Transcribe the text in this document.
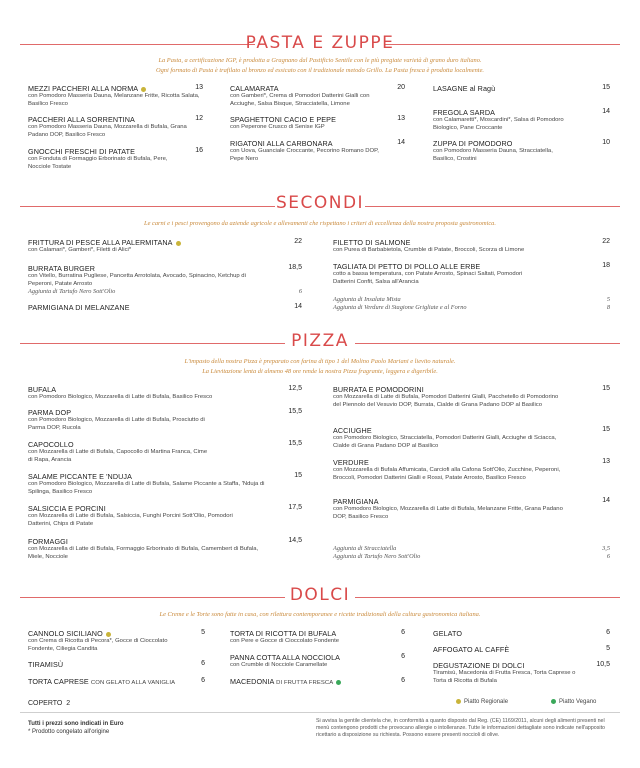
PASTA E ZUPPE
La Pasta, a certificazione IGP, è prodotta a Gragnano dal Pastificio Sentile con le più pregiate varietà di grano duro italiano.
Ogni formato di Pasta è trafilato al bronzo ed essicato con il tradizionale metodo Grillo. La Pasta fresca è prodotta localmente.
MEZZI PACCHERI ALLA NORMA
con Pomodoro Masseria Dauna, Melanzane Fritte, Ricotta Salata, Basilico Fresco
13
PACCHERI ALLA SORRENTINA
con Pomodoro Masseria Dauna, Mozzarella di Bufala, Grana Padano DOP, Basilico Fresco
12
GNOCCHI FRESCHI DI PATATE
con Fonduta di Formaggio Erborinato di Bufala, Pere, Nocciole Tostate
16
CALAMARATA
con Gamberi*, Crema di Pomodori Datterini Gialli con Acciughe, Salsa Bisque, Stracciatella, Limone
20
SPAGHETTONI CACIO E PEPE
con Peperone Crusco di Senise IGP
13
RIGATONI ALLA CARBONARA
con Uova, Guanciale Croccante, Pecorino Romano DOP, Pepe Nero
14
LASAGNE al Ragù	15
FREGOLA SARDA
con Calamaretti*, Moscardini*, Salsa di Pomodoro Biologico, Pane Croccante
14
ZUPPA DI POMODORO
con Pomodoro Masseria Dauna, Stracciatella, Basilico, Crostini
10
SECONDI
Le carni e i pesci provengono da aziende agricole e allevamenti che rispettano i criteri di eccellenza della nostra proposta gastronomica.
FRITTURA DI PESCE ALLA PALERMITANA
con Calamari*, Gamberi*, Filetti di Alici*
22
BURRATA BURGER
con Vitello, Burratina Pugliese, Pancetta Arrotolata, Avocado, Spinacino, Ketchup di Peperoni, Patate Arrosto
18,5
Aggiunta di Tartufo Nero Sott'Olio	6
PARMIGIANA DI MELANZANE	14
FILETTO DI SALMONE
con Purea di Barbabietola, Crumble di Patate, Broccoli, Scorza di Limone
22
TAGLIATA DI PETTO DI POLLO ALLE ERBE
cotto a bassa temperatura, con Patate Arrosto, Spinaci Saltati, Pomodori Datterini Confit, Salsa all'Arancia
18
Aggiunta di Insalata Mista	5
Aggiunta di Verdure di Stagione Grigliate e al Forno	8
PIZZA
L'impasto della nostra Pizza è preparato con farina di tipo 1 del Molino Paolo Mariani e lievito naturale.
La Lievitazione lenta di almeno 48 ore rende la nostra Pizza fragrante, leggera e digeribile.
BUFALA
con Pomodoro Biologico, Mozzarella di Latte di Bufala, Basilico Fresco
12,5
PARMA DOP
con Pomodoro Biologico, Mozzarella di Latte di Bufala, Prosciutto di Parma DOP, Rucola
15,5
CAPOCOLLO
con Mozzarella di Latte di Bufala, Capocollo di Martina Franca, Cime di Rapa, Arancia
15,5
SALAME PICCANTE E 'NDUJA
con Pomodoro Biologico, Mozzarella di Latte di Bufala, Salame Piccante a Staffa, 'Nduja di Spilinga, Basilico Fresco
15
SALSICCIA E PORCINI
con Mozzarella di Latte di Bufala, Salsiccia, Funghi Porcini Sott'Olio, Pomodori Datterini, Chips di Patate
17,5
FORMAGGI
con Mozzarella di Latte di Bufala, Formaggio Erborinato di Bufala, Camembert di Bufala, Miele, Nocciole
14,5
BURRATA E POMODORINI
con Mozzarella di Latte di Bufala, Pomodori Datterini Gialli, Pacchetello di Pomodorino del Piennolo del Vesuvio DOP, Burrata, Cialde di Grana Padano DOP al Basilico
15
ACCIUGHE
con Pomodoro Biologico, Stracciatella, Pomodori Datterini Gialli, Acciughe di Sciacca, Cialde di Grana Padano DOP al Basilico
15
VERDURE
con Mozzarella di Bufala Affumicata, Carciofi alla Cafona Sott'Olio, Zucchine, Peperoni, Broccoli, Pomodori Datterini Gialli e Rossi, Patate Arrosto, Basilico Fresco
13
PARMIGIANA
con Pomodoro Biologico, Mozzarella di Latte di Bufala, Melanzane Fritte, Grana Padano DOP, Basilico Fresco
14
Aggiunta di Stracciatella	3,5
Aggiunta di Tartufo Nero Sott'Olio	6
DOLCI
Le Creme e le Torte sono fatte in casa, con rilettura contemporanee e ricette tradizionali della cultura gastronomica italiana.
CANNOLO SICILIANO
con Crema di Ricotta di Pecora*, Gocce di Cioccolato Fondente, Ciliegia Candita
5
TIRAMISÙ	6
TORTA CAPRESE CON GELATO ALLA VANIGLIA	6
TORTA DI RICOTTA DI BUFALA
con Pere e Gocce di Cioccolato Fondente
6
PANNA COTTA ALLA NOCCIOLA
con Crumble di Nocciole Caramellate
6
MACEDONIA DI FRUTTA FRESCA	6
GELATO	6
AFFOGATO AL CAFFÈ	5
DEGUSTAZIONE DI DOLCI
Tiramisù, Macedonia di Frutta Fresca, Torta Caprese o Torta di Ricotta di Bufala
10,5
COPERTO 2	Piatto Regionale	Piatto Vegano
Tutti i prezzi sono indicati in Euro
* Prodotto congelato all'origine
Si avvisa la gentile clientela che, in conformità a quanto disposto dal Reg. (CE) 1169/2011, alcuni degli alimenti presenti nel menù contengono prodotti che provocano allergie o intolleranze. Tutte le informazioni dettagliate sono indicate nell'apposito ricettario a disposizione su richiesta. Possono essere presenti noccioli di olive.
